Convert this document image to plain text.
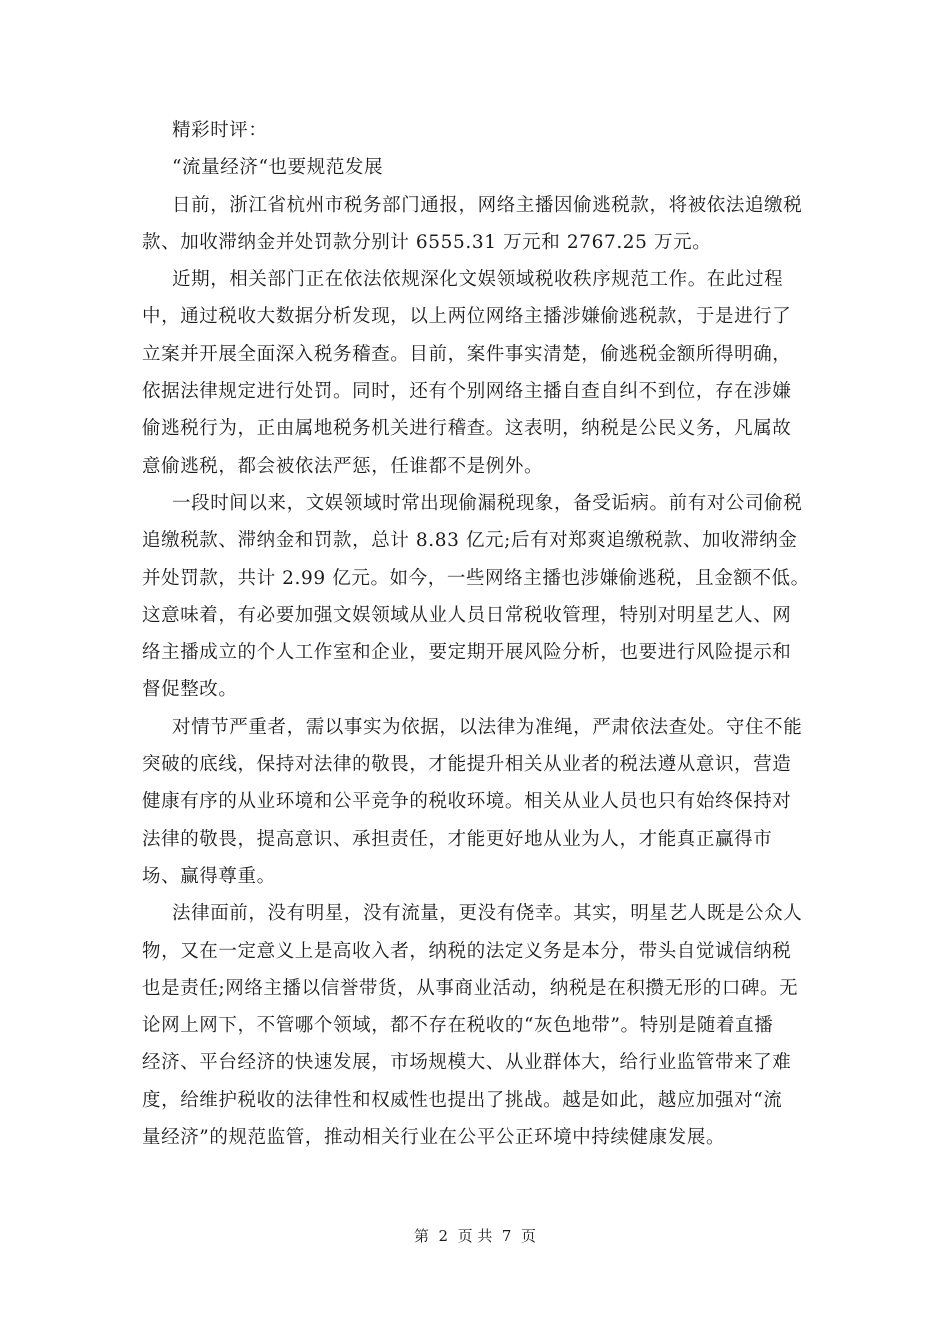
精彩时评：

“流量经济“也要规范发展

日前，浙江省杭州市税务部门通报，网络主播因偷逃税款，将被依法追缴税

款、加收滞纳金并处罚款分别计 6555.31 万元和 2767.25 万元。

近期，相关部门正在依法依规深化文娱领域税收秩序规范工作。在此过程

中，通过税收大数据分析发现，以上两位网络主播涉嫌偷逃税款，于是进行了

立案并开展全面深入税务稽查。目前，案件事实清楚，偷逃税金额所得明确，

依据法律规定进行处罚。同时，还有个别网络主播自查自纠不到位，存在涉嫌

偷逃税行为，正由属地税务机关进行稽查。这表明，纳税是公民义务，凡属故

意偷逃税，都会被依法严惩，任谁都不是例外。

一段时间以来，文娱领域时常出现偷漏税现象，备受诟病。前有对公司偷税

追缴税款、滞纳金和罚款，总计 8.83 亿元;后有对郑爽追缴税款、加收滞纳金

并处罚款，共计 2.99 亿元。如今，一些网络主播也涉嫌偷逃税，且金额不低。

这意味着，有必要加强文娱领域从业人员日常税收管理，特别对明星艺人、网

络主播成立的个人工作室和企业，要定期开展风险分析，也要进行风险提示和

督促整改。

对情节严重者，需以事实为依据，以法律为准绳，严肃依法查处。守住不能

突破的底线，保持对法律的敬畏，才能提升相关从业者的税法遵从意识，营造

健康有序的从业环境和公平竞争的税收环境。相关从业人员也只有始终保持对

法律的敬畏，提高意识、承担责任，才能更好地从业为人，才能真正赢得市

场、赢得尊重。

法律面前，没有明星，没有流量，更没有侥幸。其实，明星艺人既是公众人

物，又在一定意义上是高收入者，纳税的法定义务是本分，带头自觉诚信纳税

也是责任;网络主播以信誉带货，从事商业活动，纳税是在积攒无形的口碑。无

论网上网下，不管哪个领域，都不存在税收的“灰色地带”。特别是随着直播

经济、平台经济的快速发展，市场规模大、从业群体大，给行业监管带来了难

度，给维护税收的法律性和权威性也提出了挑战。越是如此，越应加强对“流

量经济”的规范监管，推动相关行业在公平公正环境中持续健康发展。

第  2  页 共  7  页
